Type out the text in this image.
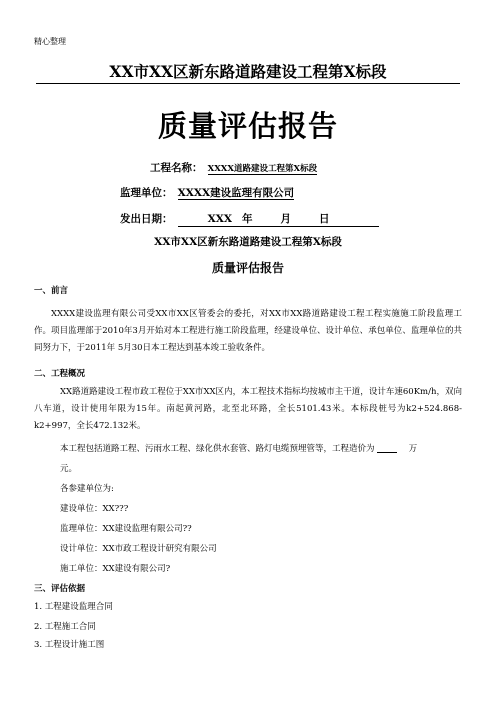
精心整理
XX市XX区新东路道路建设工程第X标段
质量评估报告
工程名称： XXXX道路建设工程第X标段
监理单位： XXXX建设监理有限公司
发出日期：	XXX 年	月	日
XX市XX区新东路道路建设工程第X标段
质量评估报告
一、前言
XXXX建设监理有限公司受XX市XX区管委会的委托，对XX市XX路道路建设工程工程实施施工阶段监理工作。项目监理部于2010年3月开始对本工程进行施工阶段监理，经建设单位、设计单位、承包单位、监理单位的共同努力下，于2011年 5月30日本工程达到基本竣工验收条件。
二、工程概况
XX路道路建设工程市政工程位于XX市XX区内，本工程技术指标均按城市主干道，设计车速60Km/h，双向八车道，设计使用年限为15年。南起黄河路，北至北环路，全长5101.43米。本标段桩号为k2+524.868-k2+997，全长472.132米。
本工程包括道路工程、污雨水工程、绿化供水套管、路灯电缆预埋管等，工程造价为	万
元。
各参建单位为:
建设单位：XX???
监理单位：XX建设监理有限公司??
设计单位：XX市政工程设计研究有限公司
施工单位：XX建设有限公司?
三、评估依据
1. 工程建设监理合同
2. 工程施工合同
3. 工程设计施工图
